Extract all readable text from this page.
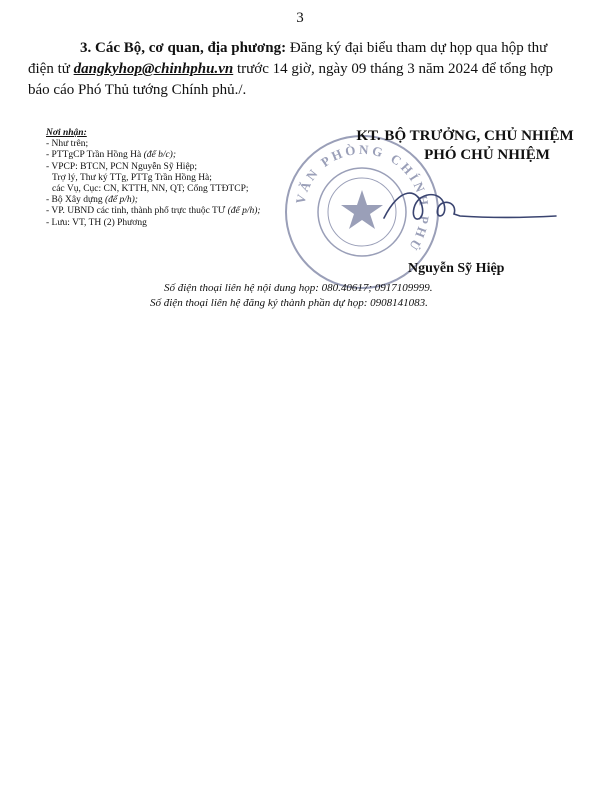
3
3. Các Bộ, cơ quan, địa phương: Đăng ký đại biểu tham dự họp qua hộp thư điện tử dangkyhop@chinhphu.vn trước 14 giờ, ngày 09 tháng 3 năm 2024 để tổng hợp báo cáo Phó Thủ tướng Chính phủ./.
Nơi nhận:
- Như trên;
- PTTgCP Trần Hồng Hà (để b/c);
- VPCP: BTCN, PCN Nguyễn Sỹ Hiệp;
Trợ lý, Thư ký TTg, PTTg Trần Hồng Hà;
các Vụ, Cục: CN, KTTH, NN, QT; Cổng TTĐTCP;
- Bộ Xây dựng (để p/h);
- VP. UBND các tỉnh, thành phố trực thuộc TƯ (để p/h);
- Lưu: VT, TH (2) Phương
VĂN PHÒNG CHÍNH PHỦ
KT. BỘ TRƯỞNG, CHỦ NHIỆM
PHÓ CHỦ NHIỆM
Nguyễn Sỹ Hiệp
Số điện thoại liên hệ nội dung họp: 080.40617; 0917109999.
Số điện thoại liên hệ đăng ký thành phần dự họp: 0908141083.
